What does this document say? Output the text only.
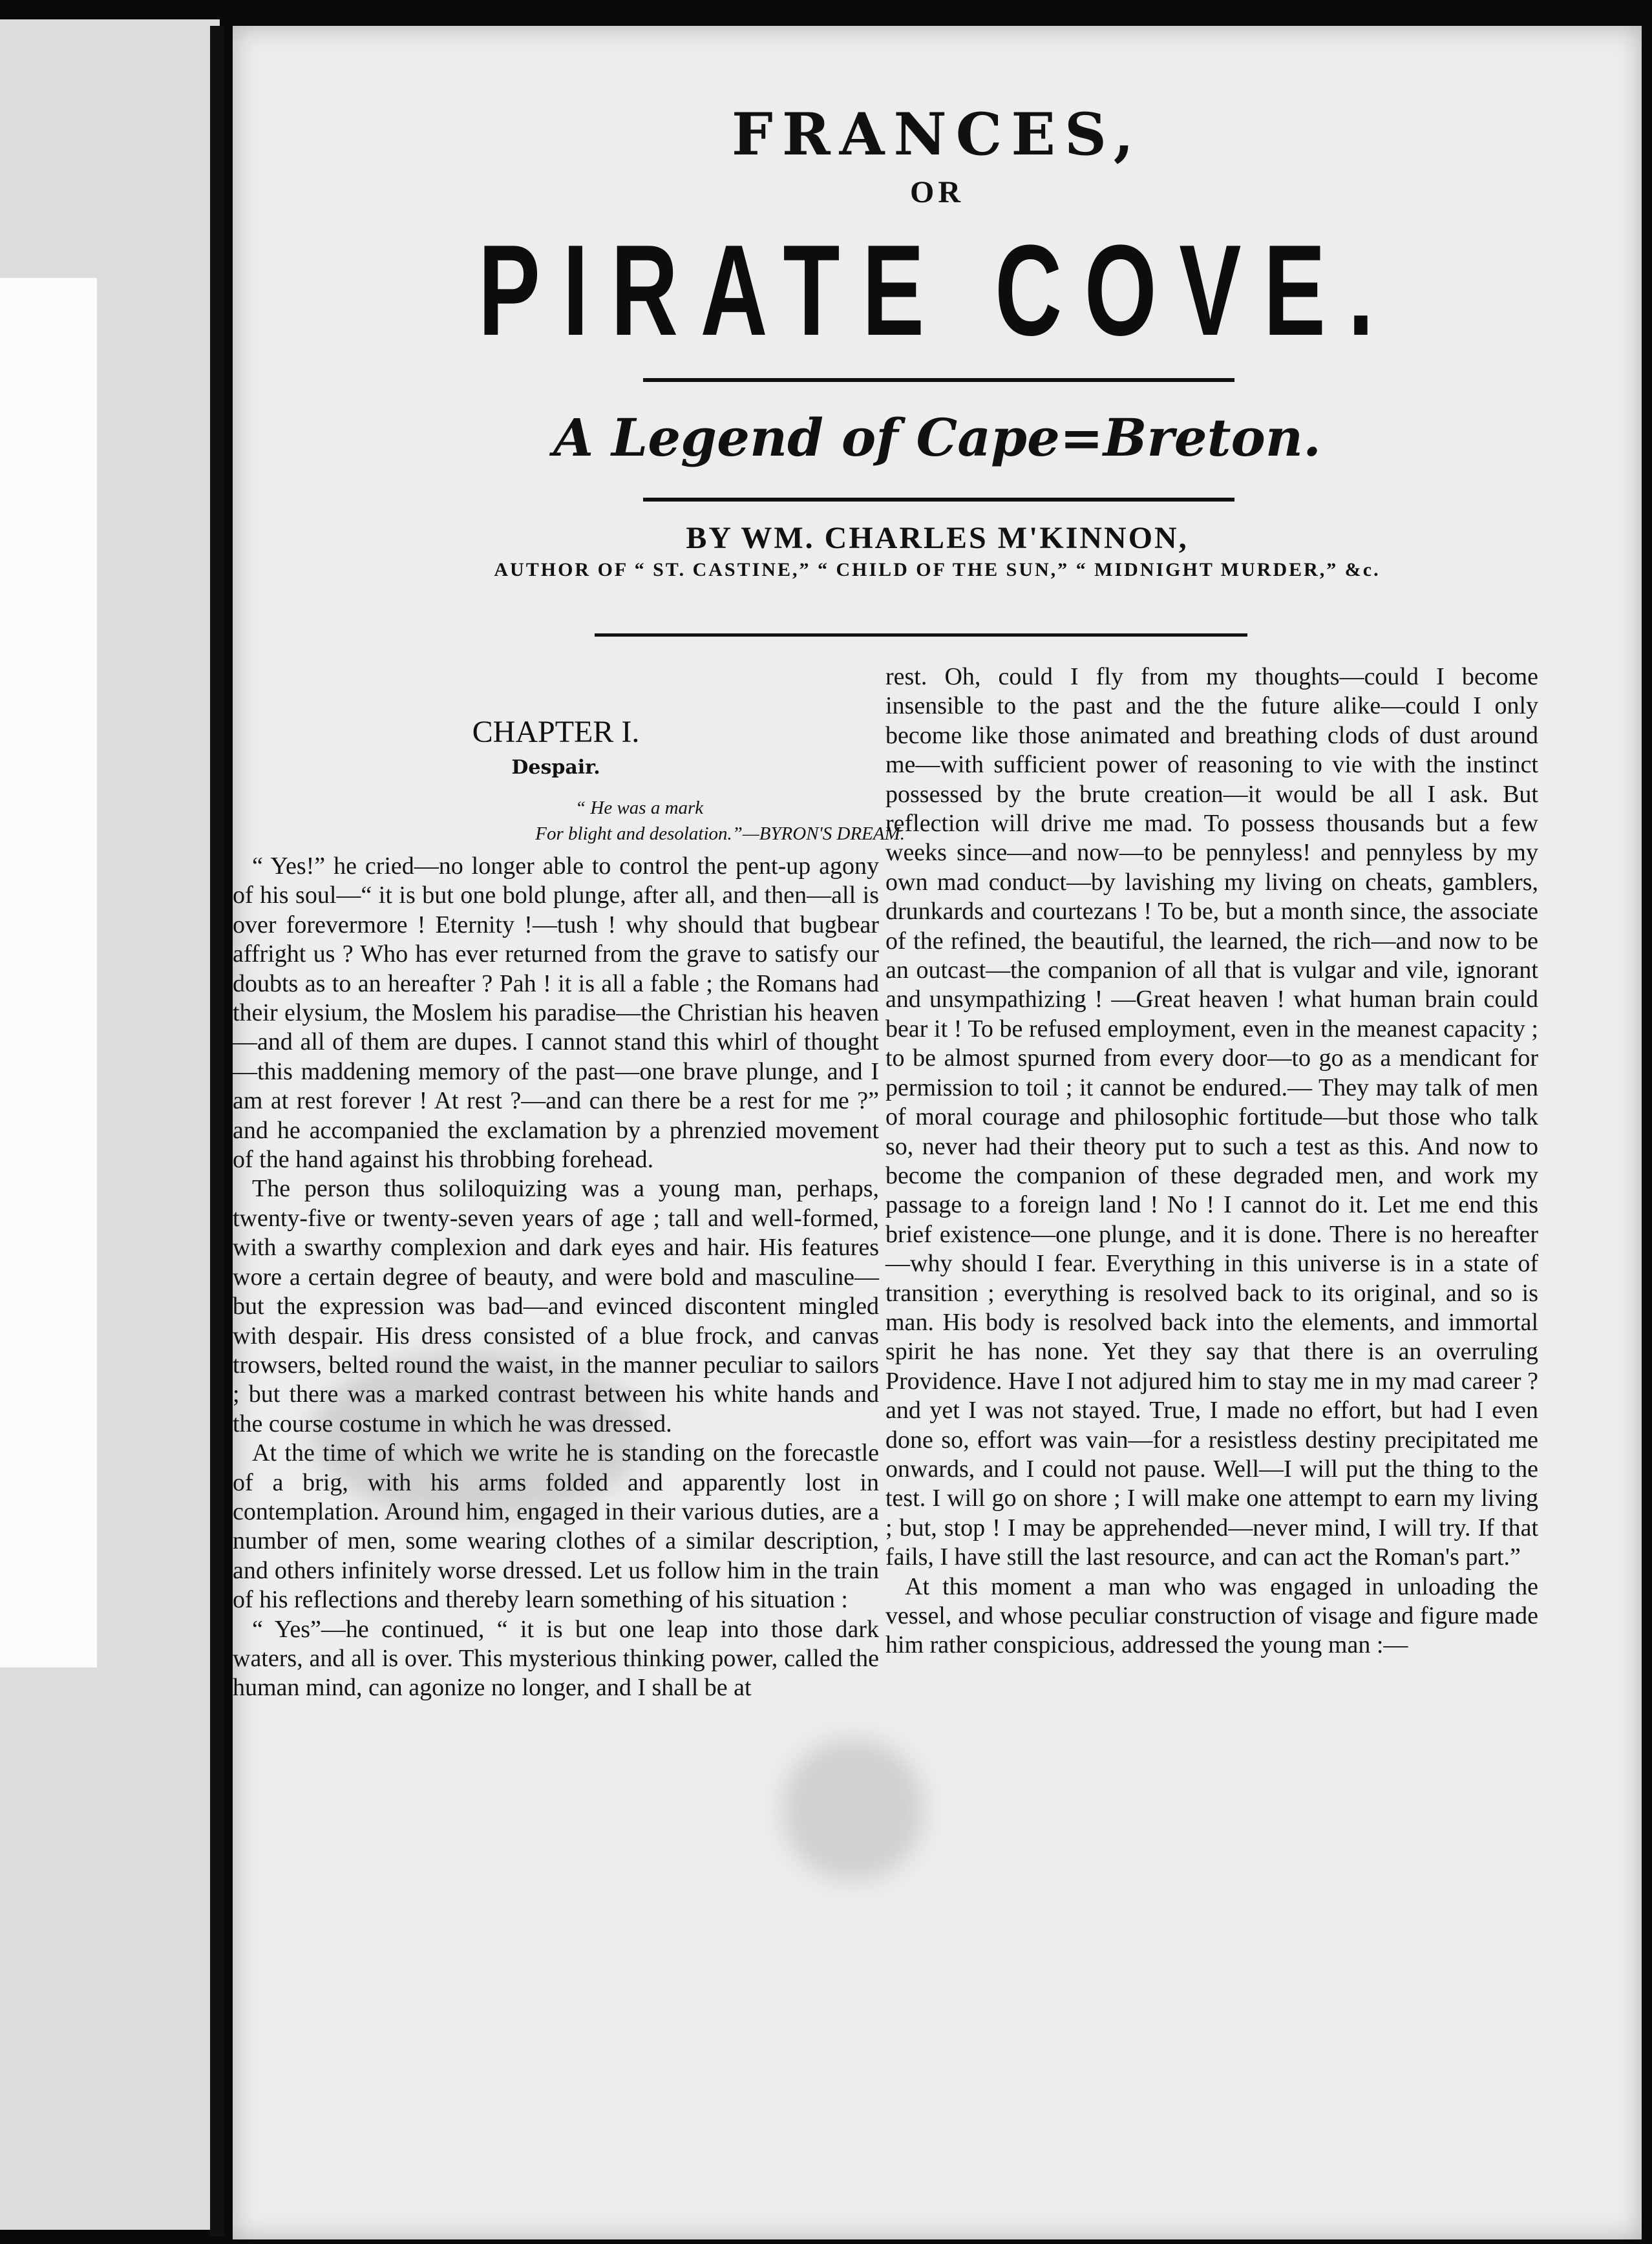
FRANCES,
OR
PIRATE COVE.
A Legend of Cape=Breton.
BY WM. CHARLES M'KINNON,
AUTHOR OF “ ST. CASTINE,” “ CHILD OF THE SUN,” “ MIDNIGHT MURDER,” &c.
CHAPTER I.
Despair.
“ He was a mark
For blight and desolation.”—BYRON'S DREAM.

“ Yes!” he cried—no longer able to control the pent-up agony of his soul—“ it is but one bold plunge, after all, and then—all is over forevermore ! Eternity !—tush ! why should that bugbear affright us ? Who has ever returned from the grave to satisfy our doubts as to an hereafter ? Pah ! it is all a fable ; the Romans had their elysium, the Moslem his paradise—the Christian his heaven—and all of them are dupes. I cannot stand this whirl of thought—this maddening memory of the past—one brave plunge, and I am at rest forever ! At rest ?—and can there be a rest for me ?” and he accompanied the exclamation by a phrenzied movement of the hand against his throbbing forehead.

The person thus soliloquizing was a young man, perhaps, twenty-five or twenty-seven years of age ; tall and well-formed, with a swarthy complexion and dark eyes and hair. His features wore a certain degree of beauty, and were bold and masculine—but the expression was bad—and evinced discontent mingled with despair. His dress consisted of a blue frock, and canvas trowsers, belted round the waist, in the manner peculiar to sailors ; but there was a marked contrast between his white hands and the course costume in which he was dressed.

At the time of which we write he is standing on the forecastle of a brig, with his arms folded and apparently lost in contemplation. Around him, engaged in their various duties, are a number of men, some wearing clothes of a similar description, and others infinitely worse dressed. Let us follow him in the train of his reflections and thereby learn something of his situation :

“ Yes”—he continued, “ it is but one leap into those dark waters, and all is over. This mysterious thinking power, called the human mind, can agonize no longer, and I shall be at

rest. Oh, could I fly from my thoughts—could I become insensible to the past and the the future alike—could I only become like those animated and breathing clods of dust around me—with sufficient power of reasoning to vie with the instinct possessed by the brute creation—it would be all I ask. But reflection will drive me mad. To possess thousands but a few weeks since—and now—to be pennyless! and pennyless by my own mad conduct—by lavishing my living on cheats, gamblers, drunkards and courtezans ! To be, but a month since, the associate of the refined, the beautiful, the learned, the rich—and now to be an outcast—the companion of all that is vulgar and vile, ignorant and unsympathizing ! —Great heaven ! what human brain could bear it ! To be refused employment, even in the meanest capacity ; to be almost spurned from every door—to go as a mendicant for permission to toil ; it cannot be endured.— They may talk of men of moral courage and philosophic fortitude—but those who talk so, never had their theory put to such a test as this. And now to become the companion of these degraded men, and work my passage to a foreign land ! No ! I cannot do it. Let me end this brief existence—one plunge, and it is done. There is no hereafter—why should I fear. Everything in this universe is in a state of transition ; everything is resolved back to its original, and so is man. His body is resolved back into the elements, and immortal spirit he has none. Yet they say that there is an overruling Providence. Have I not adjured him to stay me in my mad career ? and yet I was not stayed. True, I made no effort, but had I even done so, effort was vain—for a resistless destiny precipitated me onwards, and I could not pause. Well—I will put the thing to the test. I will go on shore ; I will make one attempt to earn my living ; but, stop ! I may be apprehended—never mind, I will try. If that fails, I have still the last resource, and can act the Roman's part.”

At this moment a man who was engaged in unloading the vessel, and whose peculiar construction of visage and figure made him rather conspicious, addressed the young man :—
